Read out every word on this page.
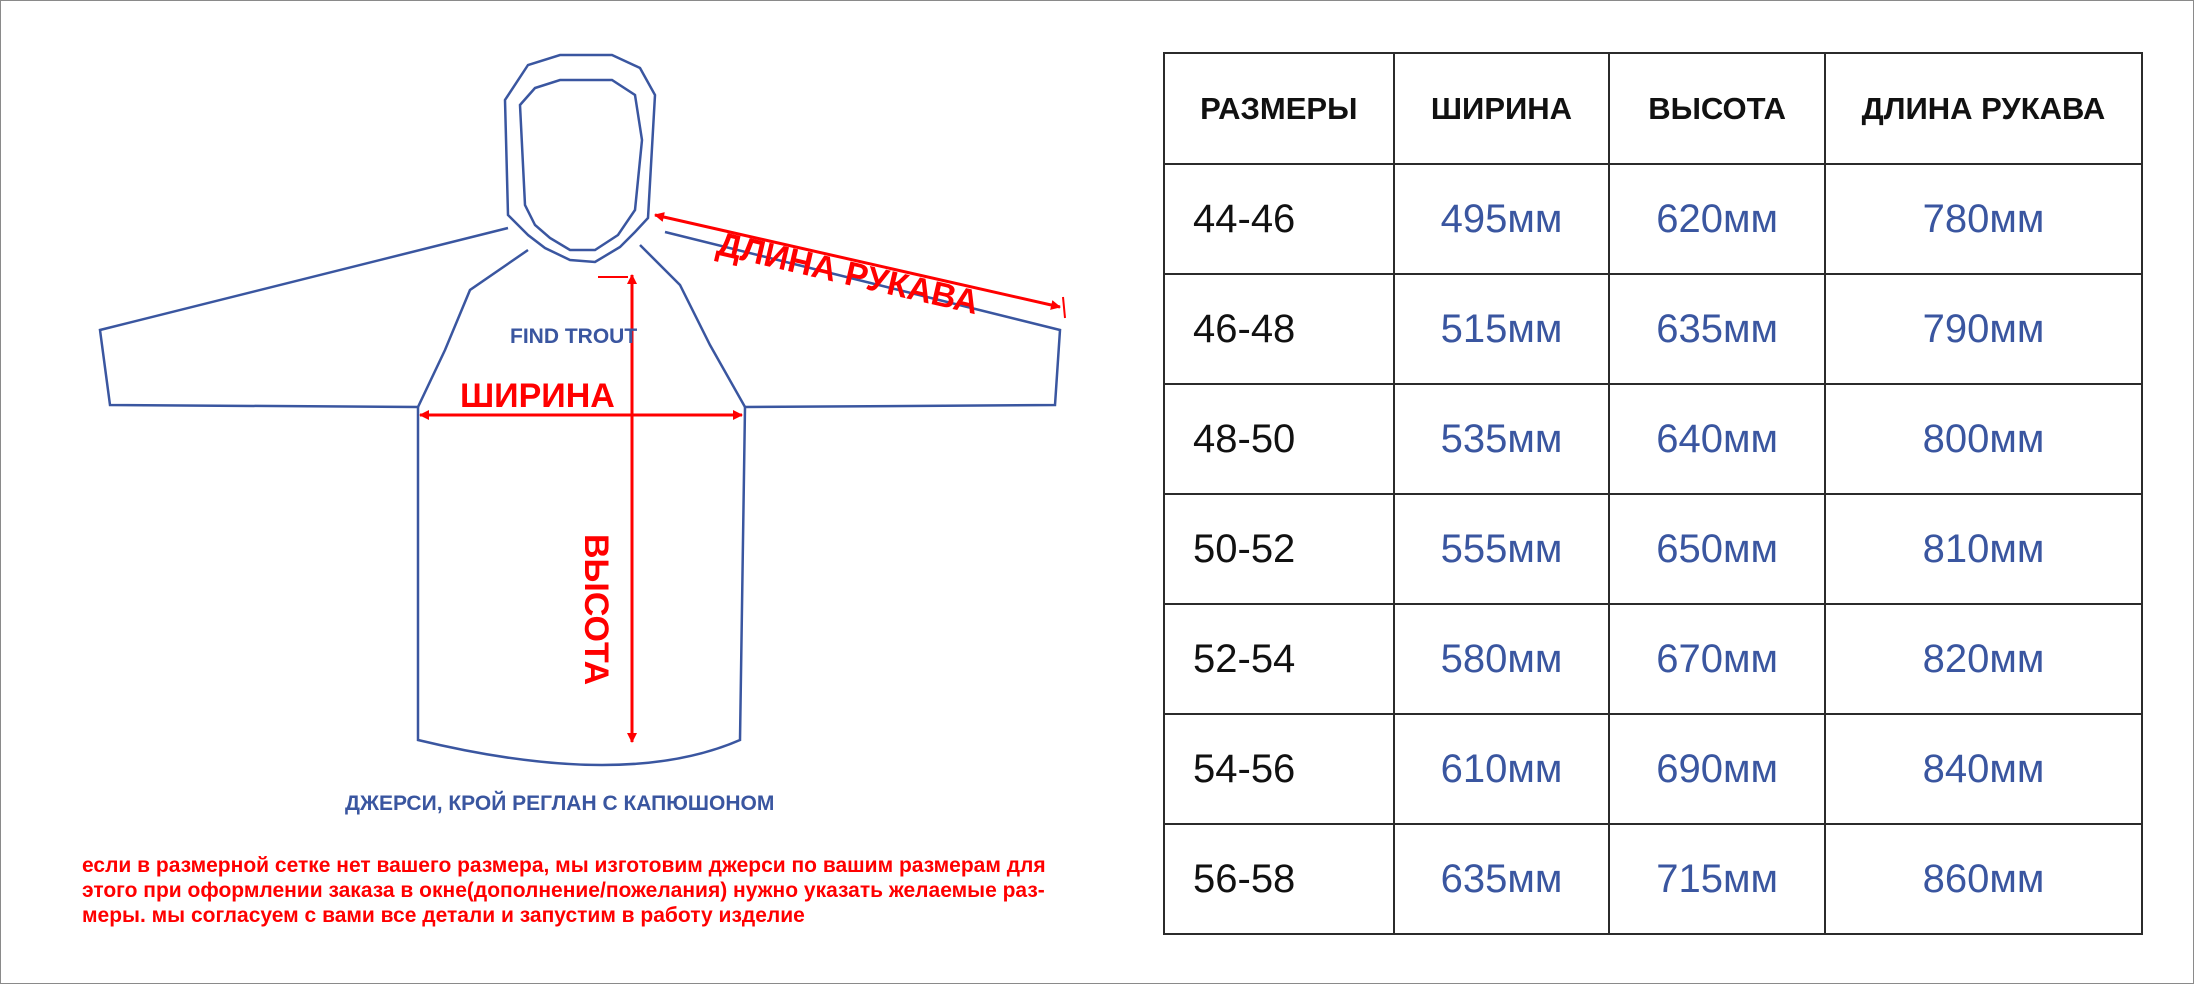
ДЛИНА РУКАВА
ШИРИНА
ВЫСОТА
FIND TROUT
ДЖЕРСИ, КРОЙ РЕГЛАН С КАПЮШОНОМ
если в размерной сетке нет вашего размера, мы изготовим джерси по вашим размерам для
этого при оформлении заказа в окне(дополнение/пожелания) нужно указать желаемые раз-
меры. мы согласуем с вами все детали и запустим в работу изделие
РАЗМЕРЫ	ШИРИНА	ВЫСОТА	ДЛИНА РУКАВА
44-46	495мм	620мм	780мм
46-48	515мм	635мм	790мм
48-50	535мм	640мм	800мм
50-52	555мм	650мм	810мм
52-54	580мм	670мм	820мм
54-56	610мм	690мм	840мм
56-58	635мм	715мм	860мм
